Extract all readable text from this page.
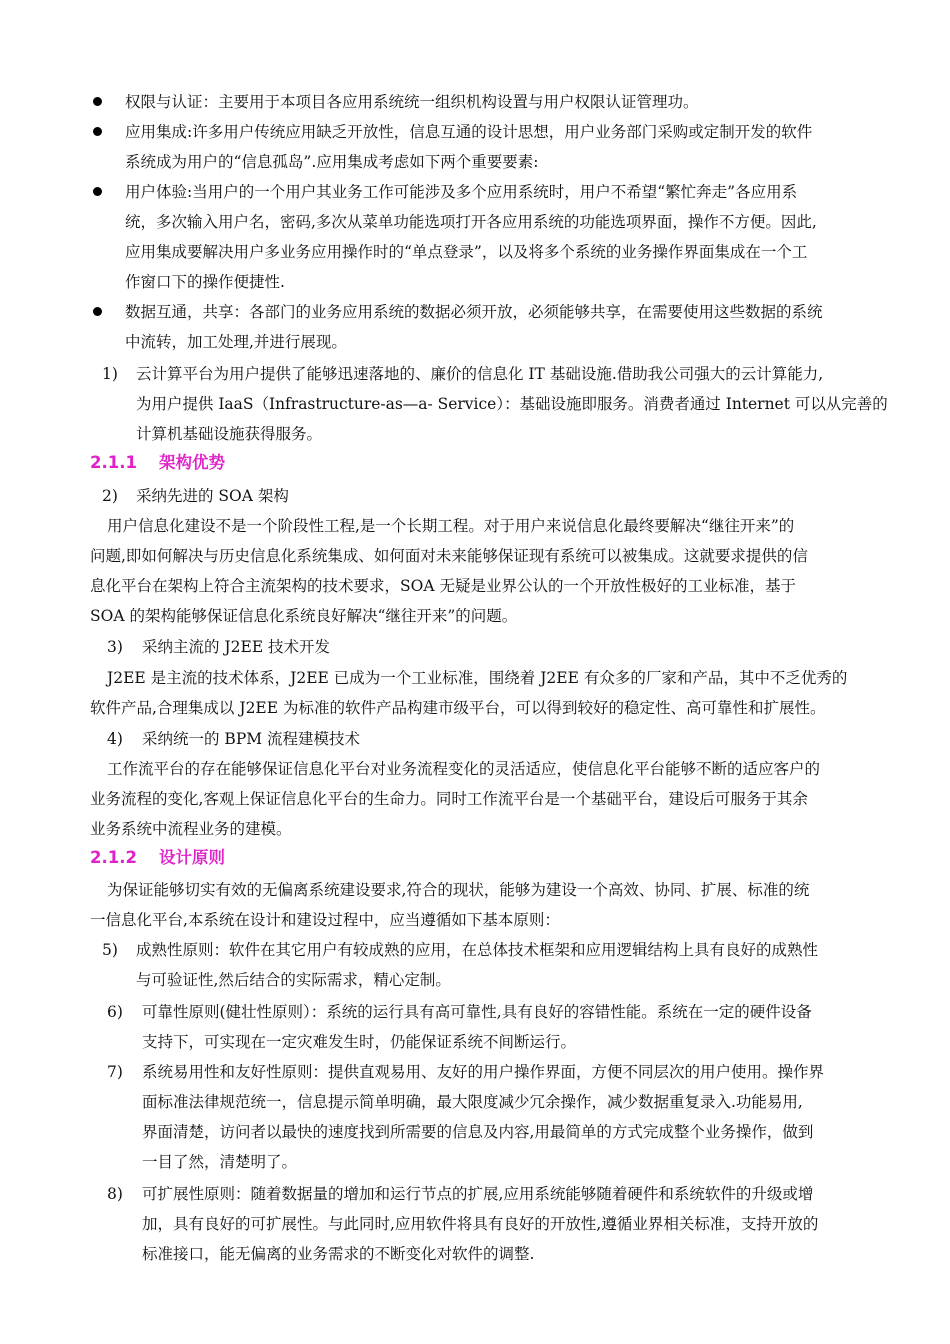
权限与认证：主要用于本项目各应用系统统一组织机构设置与用户权限认证管理功。
应用集成:许多用户传统应用缺乏开放性，信息互通的设计思想，用户业务部门采购或定制开发的软件
系统成为用户的“信息孤岛”.应用集成考虑如下两个重要要素:
用户体验:当用户的一个用户其业务工作可能涉及多个应用系统时，用户不希望“繁忙奔走”各应用系
统，多次输入用户名，密码,多次从菜单功能选项打开各应用系统的功能选项界面，操作不方便。因此,
应用集成要解决用户多业务应用操作时的“单点登录”，以及将多个系统的业务操作界面集成在一个工
作窗口下的操作便捷性.
数据互通，共享：各部门的业务应用系统的数据必须开放，必须能够共享，在需要使用这些数据的系统
中流转，加工处理,并进行展现。
1) 云计算平台为用户提供了能够迅速落地的、廉价的信息化 IT 基础设施.借助我公司强大的云计算能力,
为用户提供 IaaS（Infrastructure-as—a- Service）：基础设施即服务。消费者通过 Internet 可以从完善的
计算机基础设施获得服务。
2.1.1 架构优势
2) 采纳先进的 SOA 架构
用户信息化建设不是一个阶段性工程,是一个长期工程。对于用户来说信息化最终要解决“继往开来”的
问题,即如何解决与历史信息化系统集成、如何面对未来能够保证现有系统可以被集成。这就要求提供的信
息化平台在架构上符合主流架构的技术要求，SOA 无疑是业界公认的一个开放性极好的工业标准，基于
SOA 的架构能够保证信息化系统良好解决“继往开来”的问题。
3) 采纳主流的 J2EE 技术开发
J2EE 是主流的技术体系，J2EE 已成为一个工业标准，围绕着 J2EE 有众多的厂家和产品，其中不乏优秀的
软件产品,合理集成以 J2EE 为标准的软件产品构建市级平台，可以得到较好的稳定性、高可靠性和扩展性。
4) 采纳统一的 BPM 流程建模技术
工作流平台的存在能够保证信息化平台对业务流程变化的灵活适应，使信息化平台能够不断的适应客户的
业务流程的变化,客观上保证信息化平台的生命力。同时工作流平台是一个基础平台，建设后可服务于其余
业务系统中流程业务的建模。
2.1.2 设计原则
为保证能够切实有效的无偏离系统建设要求,符合的现状，能够为建设一个高效、协同、扩展、标准的统
一信息化平台,本系统在设计和建设过程中，应当遵循如下基本原则：
5) 成熟性原则：软件在其它用户有较成熟的应用，在总体技术框架和应用逻辑结构上具有良好的成熟性
与可验证性,然后结合的实际需求，精心定制。
6) 可靠性原则(健壮性原则）：系统的运行具有高可靠性,具有良好的容错性能。系统在一定的硬件设备
支持下，可实现在一定灾难发生时，仍能保证系统不间断运行。
7) 系统易用性和友好性原则：提供直观易用、友好的用户操作界面，方便不同层次的用户使用。操作界
面标准法律规范统一，信息提示简单明确，最大限度减少冗余操作，减少数据重复录入.功能易用,
界面清楚，访问者以最快的速度找到所需要的信息及内容,用最简单的方式完成整个业务操作，做到
一目了然，清楚明了。
8) 可扩展性原则：随着数据量的增加和运行节点的扩展,应用系统能够随着硬件和系统软件的升级或增
加，具有良好的可扩展性。与此同时,应用软件将具有良好的开放性,遵循业界相关标准，支持开放的
标准接口，能无偏离的业务需求的不断变化对软件的调整.
